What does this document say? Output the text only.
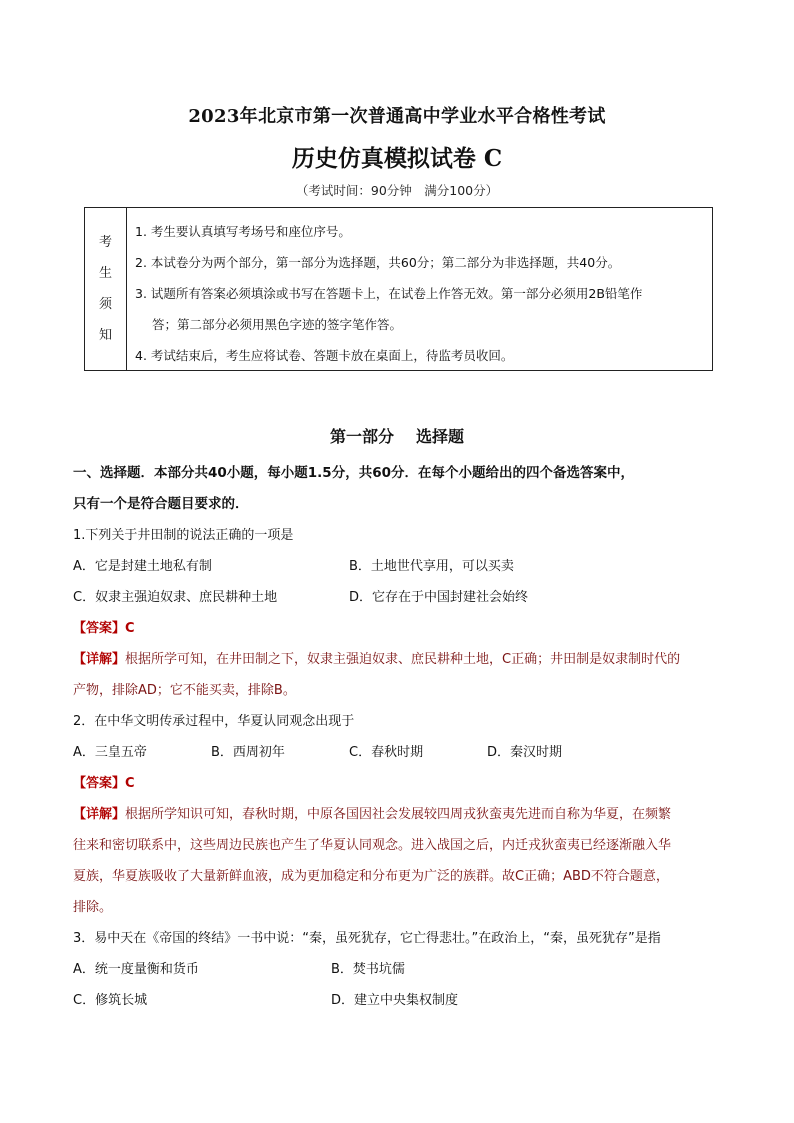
2023年北京市第一次普通高中学业水平合格性考试
历史仿真模拟试卷 C
（考试时间：90分钟　满分100分）
考
生
须
知
1. 考生要认真填写考场号和座位序号。
2. 本试卷分为两个部分，第一部分为选择题，共60分；第二部分为非选择题，共40分。
3. 试题所有答案必须填涂或书写在答题卡上，在试卷上作答无效。第一部分必须用2B铅笔作
答；第二部分必须用黑色字迹的签字笔作答。
4. 考试结束后，考生应将试卷、答题卡放在桌面上，待监考员收回。
第一部分 选择题
一、选择题．本部分共40小题，每小题1.5分，共60分．在每个小题给出的四个备选答案中，
只有一个是符合题目要求的．
1.下列关于井田制的说法正确的一项是
A．它是封建土地私有制	B．土地世代享用，可以买卖
C．奴隶主强迫奴隶、庶民耕种土地	D．它存在于中国封建社会始终
【答案】C
【详解】根据所学可知，在井田制之下，奴隶主强迫奴隶、庶民耕种土地，C正确；井田制是奴隶制时代的
产物，排除AD；它不能买卖，排除B。
2．在中华文明传承过程中，华夏认同观念出现于
A．三皇五帝	B．西周初年	C．春秋时期	D．秦汉时期
【答案】C
【详解】根据所学知识可知，春秋时期，中原各国因社会发展较四周戎狄蛮夷先进而自称为华夏，在频繁
往来和密切联系中，这些周边民族也产生了华夏认同观念。进入战国之后，内迁戎狄蛮夷已经逐渐融入华
夏族，华夏族吸收了大量新鲜血液，成为更加稳定和分布更为广泛的族群。故C正确；ABD不符合题意，
排除。
3．易中天在《帝国的终结》一书中说：“秦，虽死犹存，它亡得悲壮。”在政治上，“秦，虽死犹存”是指
A．统一度量衡和货币	B．焚书坑儒
C．修筑长城	D．建立中央集权制度
